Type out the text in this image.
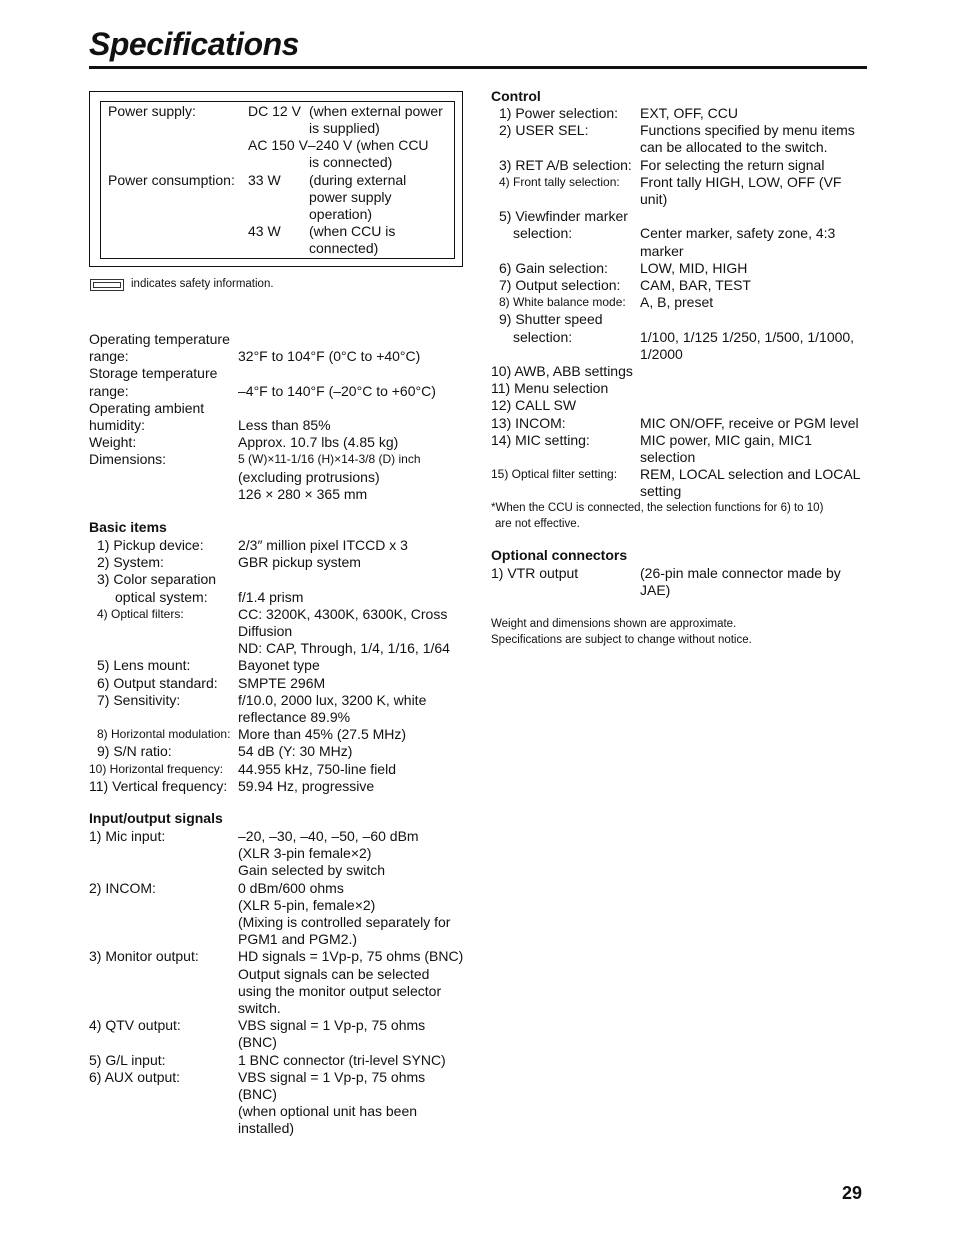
Specifications
Power supply:	DC 12 V (when external power
is supplied)
AC 150 V–240 V (when CCU
is connected)
Power consumption: 33 W (during external
power supply
operation)
43 W (when CCU is
connected)
indicates safety information.
Operating temperature
range:	32°F to 104°F (0°C to +40°C)
Storage temperature
range:	–4°F to 140°F (–20°C to +60°C)
Operating ambient
humidity:	Less than 85%
Weight:	Approx. 10.7 lbs (4.85 kg)
Dimensions:	5 (W)×11-1/16 (H)×14-3/8 (D) inch
(excluding protrusions)
126 × 280 × 365 mm
Basic items
1) Pickup device: 2/3″ million pixel ITCCD x 3
2) System:	GBR pickup system
3) Color separation
optical system: f/1.4 prism
4) Optical filters:	CC: 3200K, 4300K, 6300K, Cross
Diffusion
ND: CAP, Through, 1/4, 1/16, 1/64
5) Lens mount:	Bayonet type
6) Output standard: SMPTE 296M
7) Sensitivity:	f/10.0, 2000 lux, 3200 K, white
reflectance 89.9%
8) Horizontal modulation: More than 45% (27.5 MHz)
9) S/N ratio:	54 dB (Y: 30 MHz)
10) Horizontal frequency: 44.955 kHz, 750-line field
11) Vertical frequency: 59.94 Hz, progressive
Input/output signals
1) Mic input:	–20, –30, –40, –50, –60 dBm
(XLR 3-pin female×2)
Gain selected by switch
2) INCOM:	0 dBm/600 ohms
(XLR 5-pin, female×2)
(Mixing is controlled separately for
PGM1 and PGM2.)
3) Monitor output:	HD signals = 1Vp-p, 75 ohms (BNC)
Output signals can be selected
using the monitor output selector
switch.
4) QTV output:	VBS signal = 1 Vp-p, 75 ohms
(BNC)
5) G/L input:	1 BNC connector (tri-level SYNC)
6) AUX output:	VBS signal = 1 Vp-p, 75 ohms
(BNC)
(when optional unit has been
installed)
Control
1) Power selection: EXT, OFF, CCU
2) USER SEL:	Functions specified by menu items
can be allocated to the switch.
3) RET A/B selection: For selecting the return signal
4) Front tally selection: Front tally HIGH, LOW, OFF (VF
unit)
5) Viewfinder marker
selection:	Center marker, safety zone, 4:3
marker
6) Gain selection: LOW, MID, HIGH
7) Output selection: CAM, BAR, TEST
8) White balance mode: A, B, preset
9) Shutter speed
selection:	1/100, 1/125 1/250, 1/500, 1/1000,
1/2000
10) AWB, ABB settings
11) Menu selection
12) CALL SW
13) INCOM:	MIC ON/OFF, receive or PGM level
14) MIC setting:	MIC power, MIC gain, MIC1
selection
15) Optical filter setting: REM, LOCAL selection and LOCAL
setting
Optional connectors
1) VTR output	(26-pin male connector made by
JAE)
*When the CCU is connected, the selection functions for 6) to 10)
are not effective.
Weight and dimensions shown are approximate.
Specifications are subject to change without notice.
29
